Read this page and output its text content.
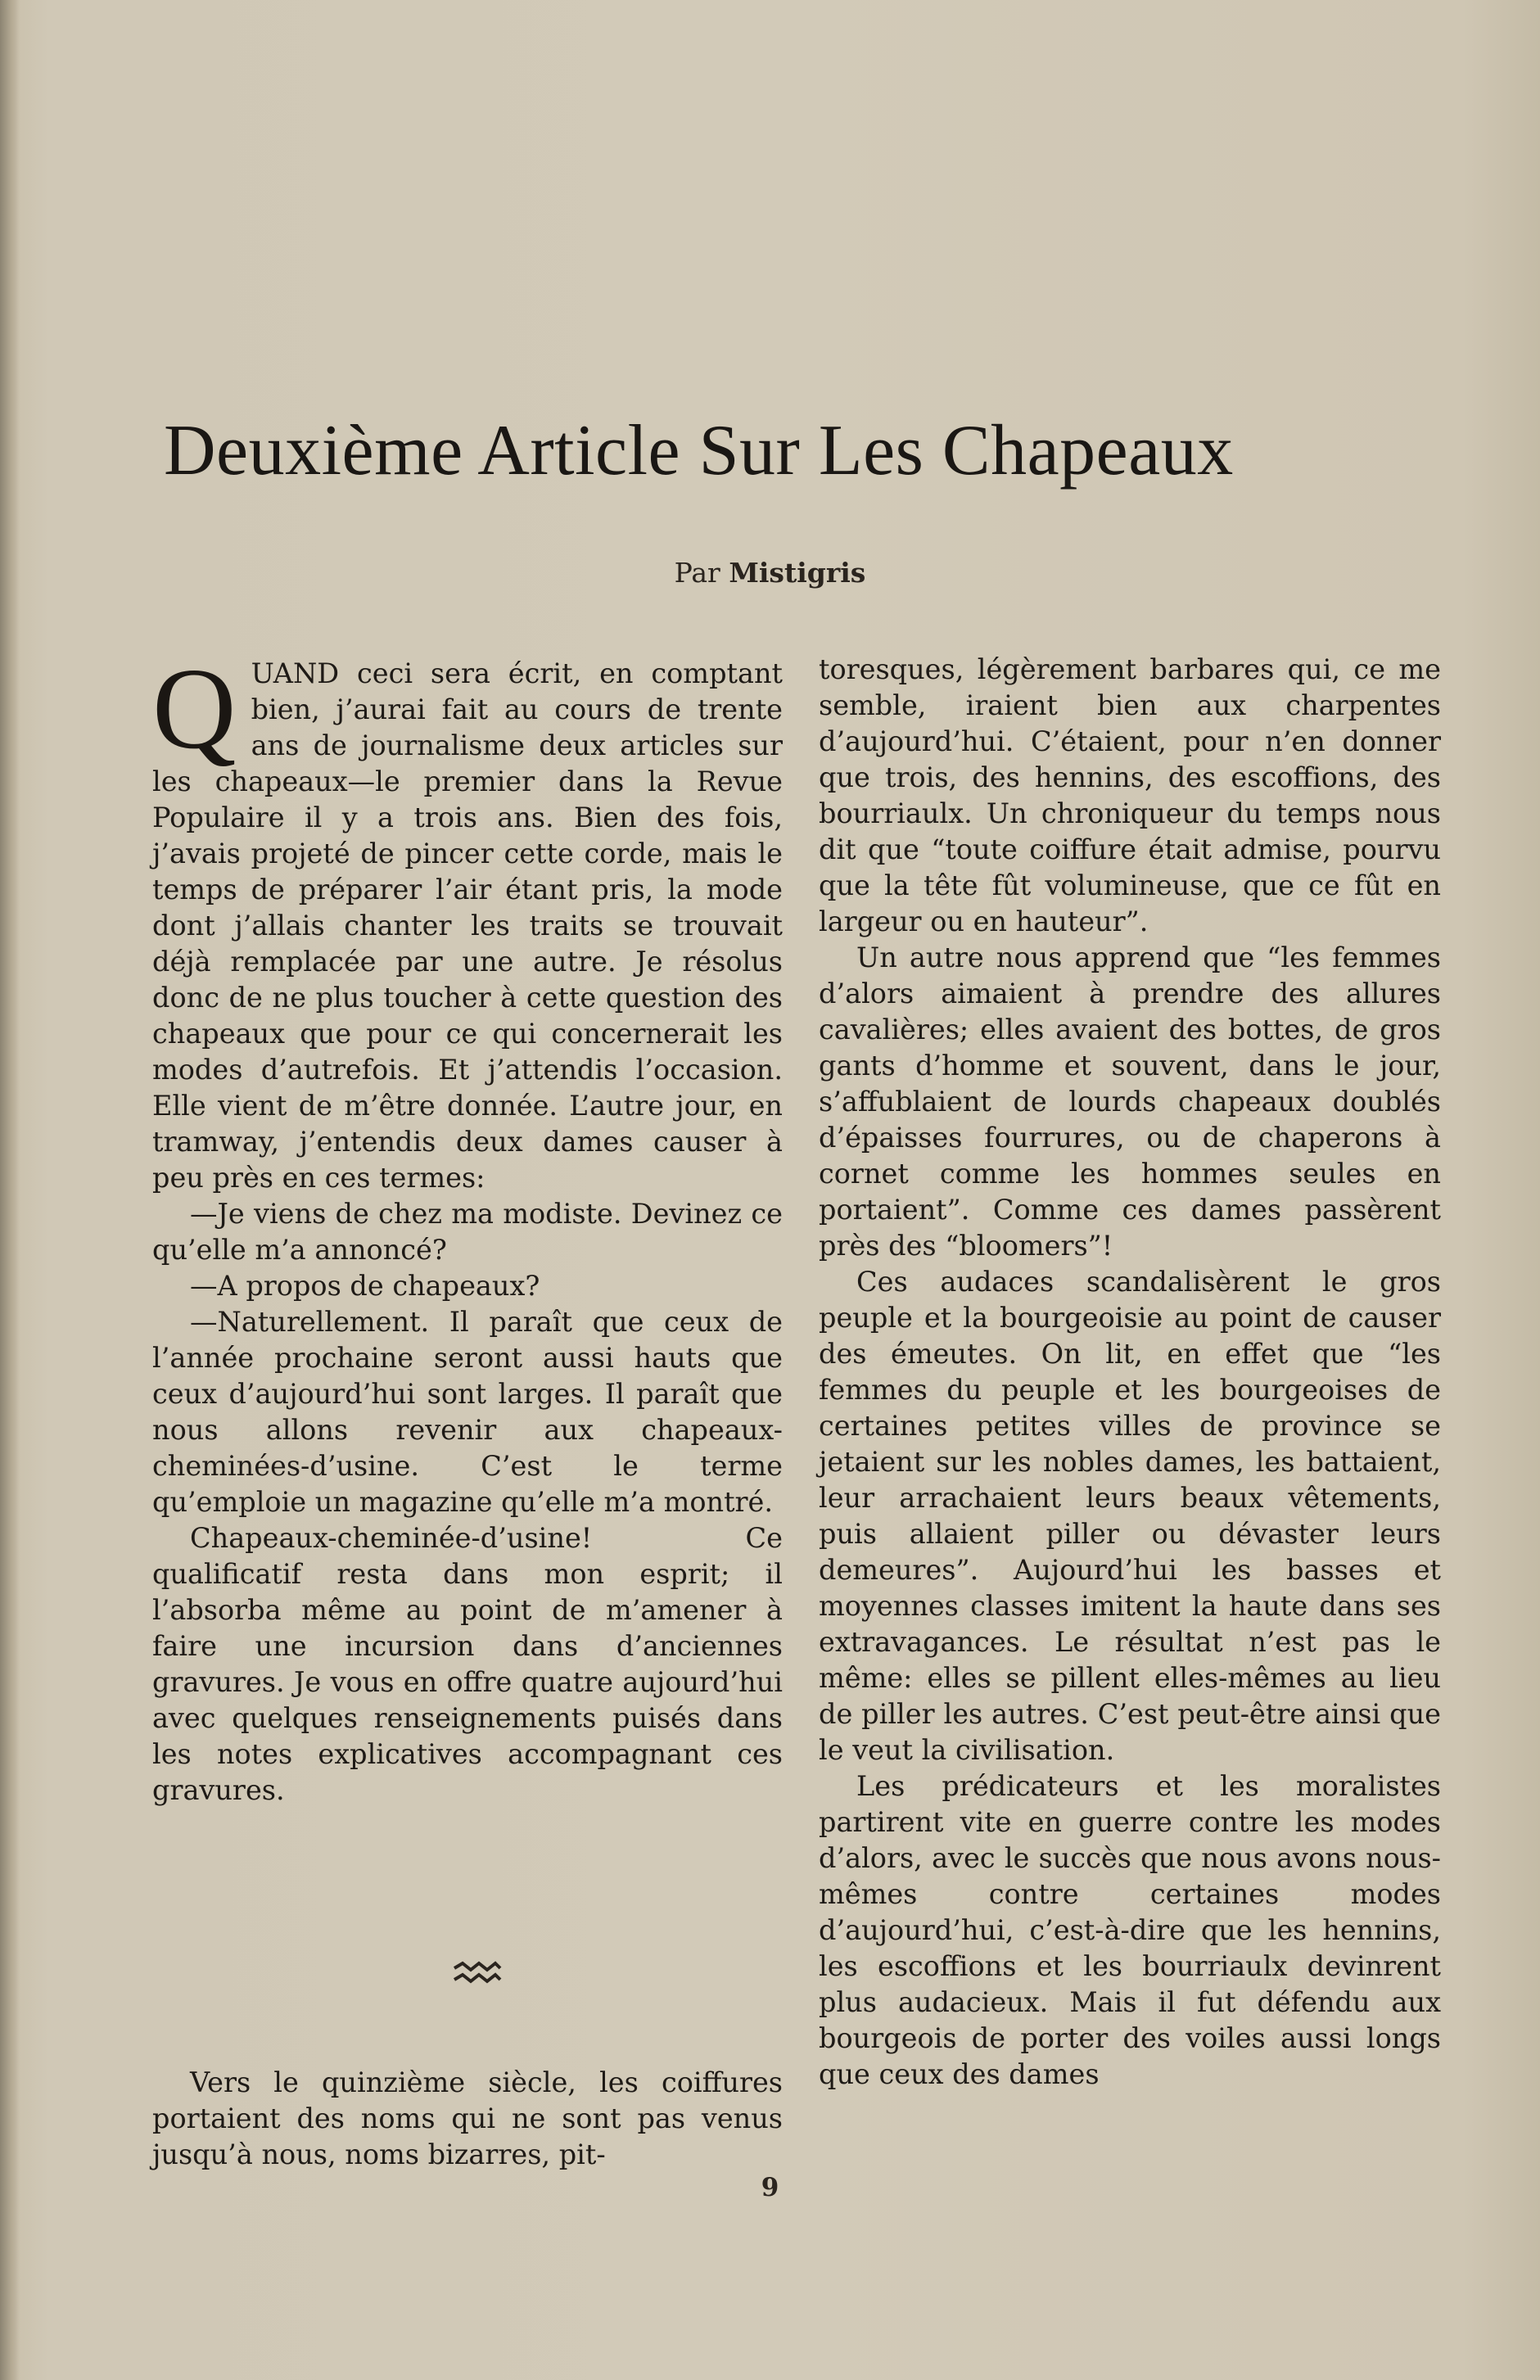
Deuxième Article Sur Les Chapeaux
Par Mistigris

QUAND ceci sera écrit, en comptant bien, j’aurai fait au cours de trente ans de journalisme deux articles sur les chapeaux—le premier dans la Revue Populaire il y a trois ans. Bien des fois, j’avais projeté de pincer cette corde, mais le temps de préparer l’air étant pris, la mode dont j’allais chanter les traits se trouvait déjà remplacée par une autre. Je résolus donc de ne plus toucher à cette question des chapeaux que pour ce qui concernerait les modes d’autrefois. Et j’attendis l’occasion. Elle vient de m’être donnée. L’autre jour, en tramway, j’entendis deux dames causer à peu près en ces termes:

—Je viens de chez ma modiste. Devinez ce qu’elle m’a annoncé?

—A propos de chapeaux?

—Naturellement. Il paraît que ceux de l’année prochaine seront aussi hauts que ceux d’aujourd’hui sont larges. Il paraît que nous allons revenir aux chapeaux-cheminées-d’usine. C’est le terme qu’emploie un magazine qu’elle m’a montré.

Chapeaux-cheminée-d’usine! Ce qualificatif resta dans mon esprit; il l’absorba même au point de m’amener à faire une incursion dans d’anciennes gravures. Je vous en offre quatre aujourd’hui avec quelques renseignements puisés dans les notes explicatives accompagnant ces gravures.

Vers le quinzième siècle, les coiffures portaient des noms qui ne sont pas venus jusqu’à nous, noms bizarres, pit-

toresques, légèrement barbares qui, ce me semble, iraient bien aux charpentes d’aujourd’hui. C’étaient, pour n’en donner que trois, des hennins, des escoffions, des bourriaulx. Un chroniqueur du temps nous dit que “toute coiffure était admise, pourvu que la tête fût volumineuse, que ce fût en largeur ou en hauteur”.

Un autre nous apprend que “les femmes d’alors aimaient à prendre des allures cavalières; elles avaient des bottes, de gros gants d’homme et souvent, dans le jour, s’affublaient de lourds chapeaux doublés d’épaisses fourrures, ou de chaperons à cornet comme les hommes seules en portaient”. Comme ces dames passèrent près des “bloomers”!

Ces audaces scandalisèrent le gros peuple et la bourgeoisie au point de causer des émeutes. On lit, en effet que “les femmes du peuple et les bourgeoises de certaines petites villes de province se jetaient sur les nobles dames, les battaient, leur arrachaient leurs beaux vêtements, puis allaient piller ou dévaster leurs demeures”. Aujourd’hui les basses et moyennes classes imitent la haute dans ses extravagances. Le résultat n’est pas le même: elles se pillent elles-mêmes au lieu de piller les autres. C’est peut-être ainsi que le veut la civilisation.

Les prédicateurs et les moralistes partirent vite en guerre contre les modes d’alors, avec le succès que nous avons nous-mêmes contre certaines modes d’aujourd’hui, c’est-à-dire que les hennins, les escoffions et les bourriaulx devinrent plus audacieux. Mais il fut défendu aux bourgeois de porter des voiles aussi longs que ceux des dames

9
